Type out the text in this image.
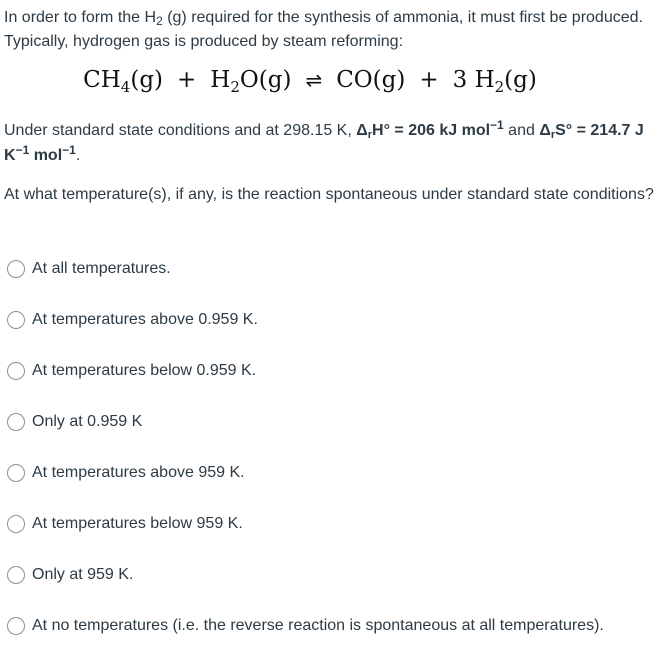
In order to form the $H_2$ (g) required for the synthesis of ammonia, it must first be produced. Typically, hydrogen gas is produced by steam reforming:
$CH_4(g) + H_2O(g)$ ⇌ CO(g) + 3 $H_2(g)$
Under standard state conditions and at 298.15 K, $\Delta_rH^\circ = 206$ kJ mol$^{-1}$ and $\Delta_rS^\circ = 214.7$ J $K^{-1}$ mol$^{-1}$.
At what temperature(s), if any, is the reaction spontaneous under standard state conditions?
At all temperatures.
At temperatures above 0.959 K.
At temperatures below 0.959 K.
Only at 0.959 K
At temperatures above 959 K.
At temperatures below 959 K.
Only at 959 K.
At no temperatures (i.e. the reverse reaction is spontaneous at all temperatures).
